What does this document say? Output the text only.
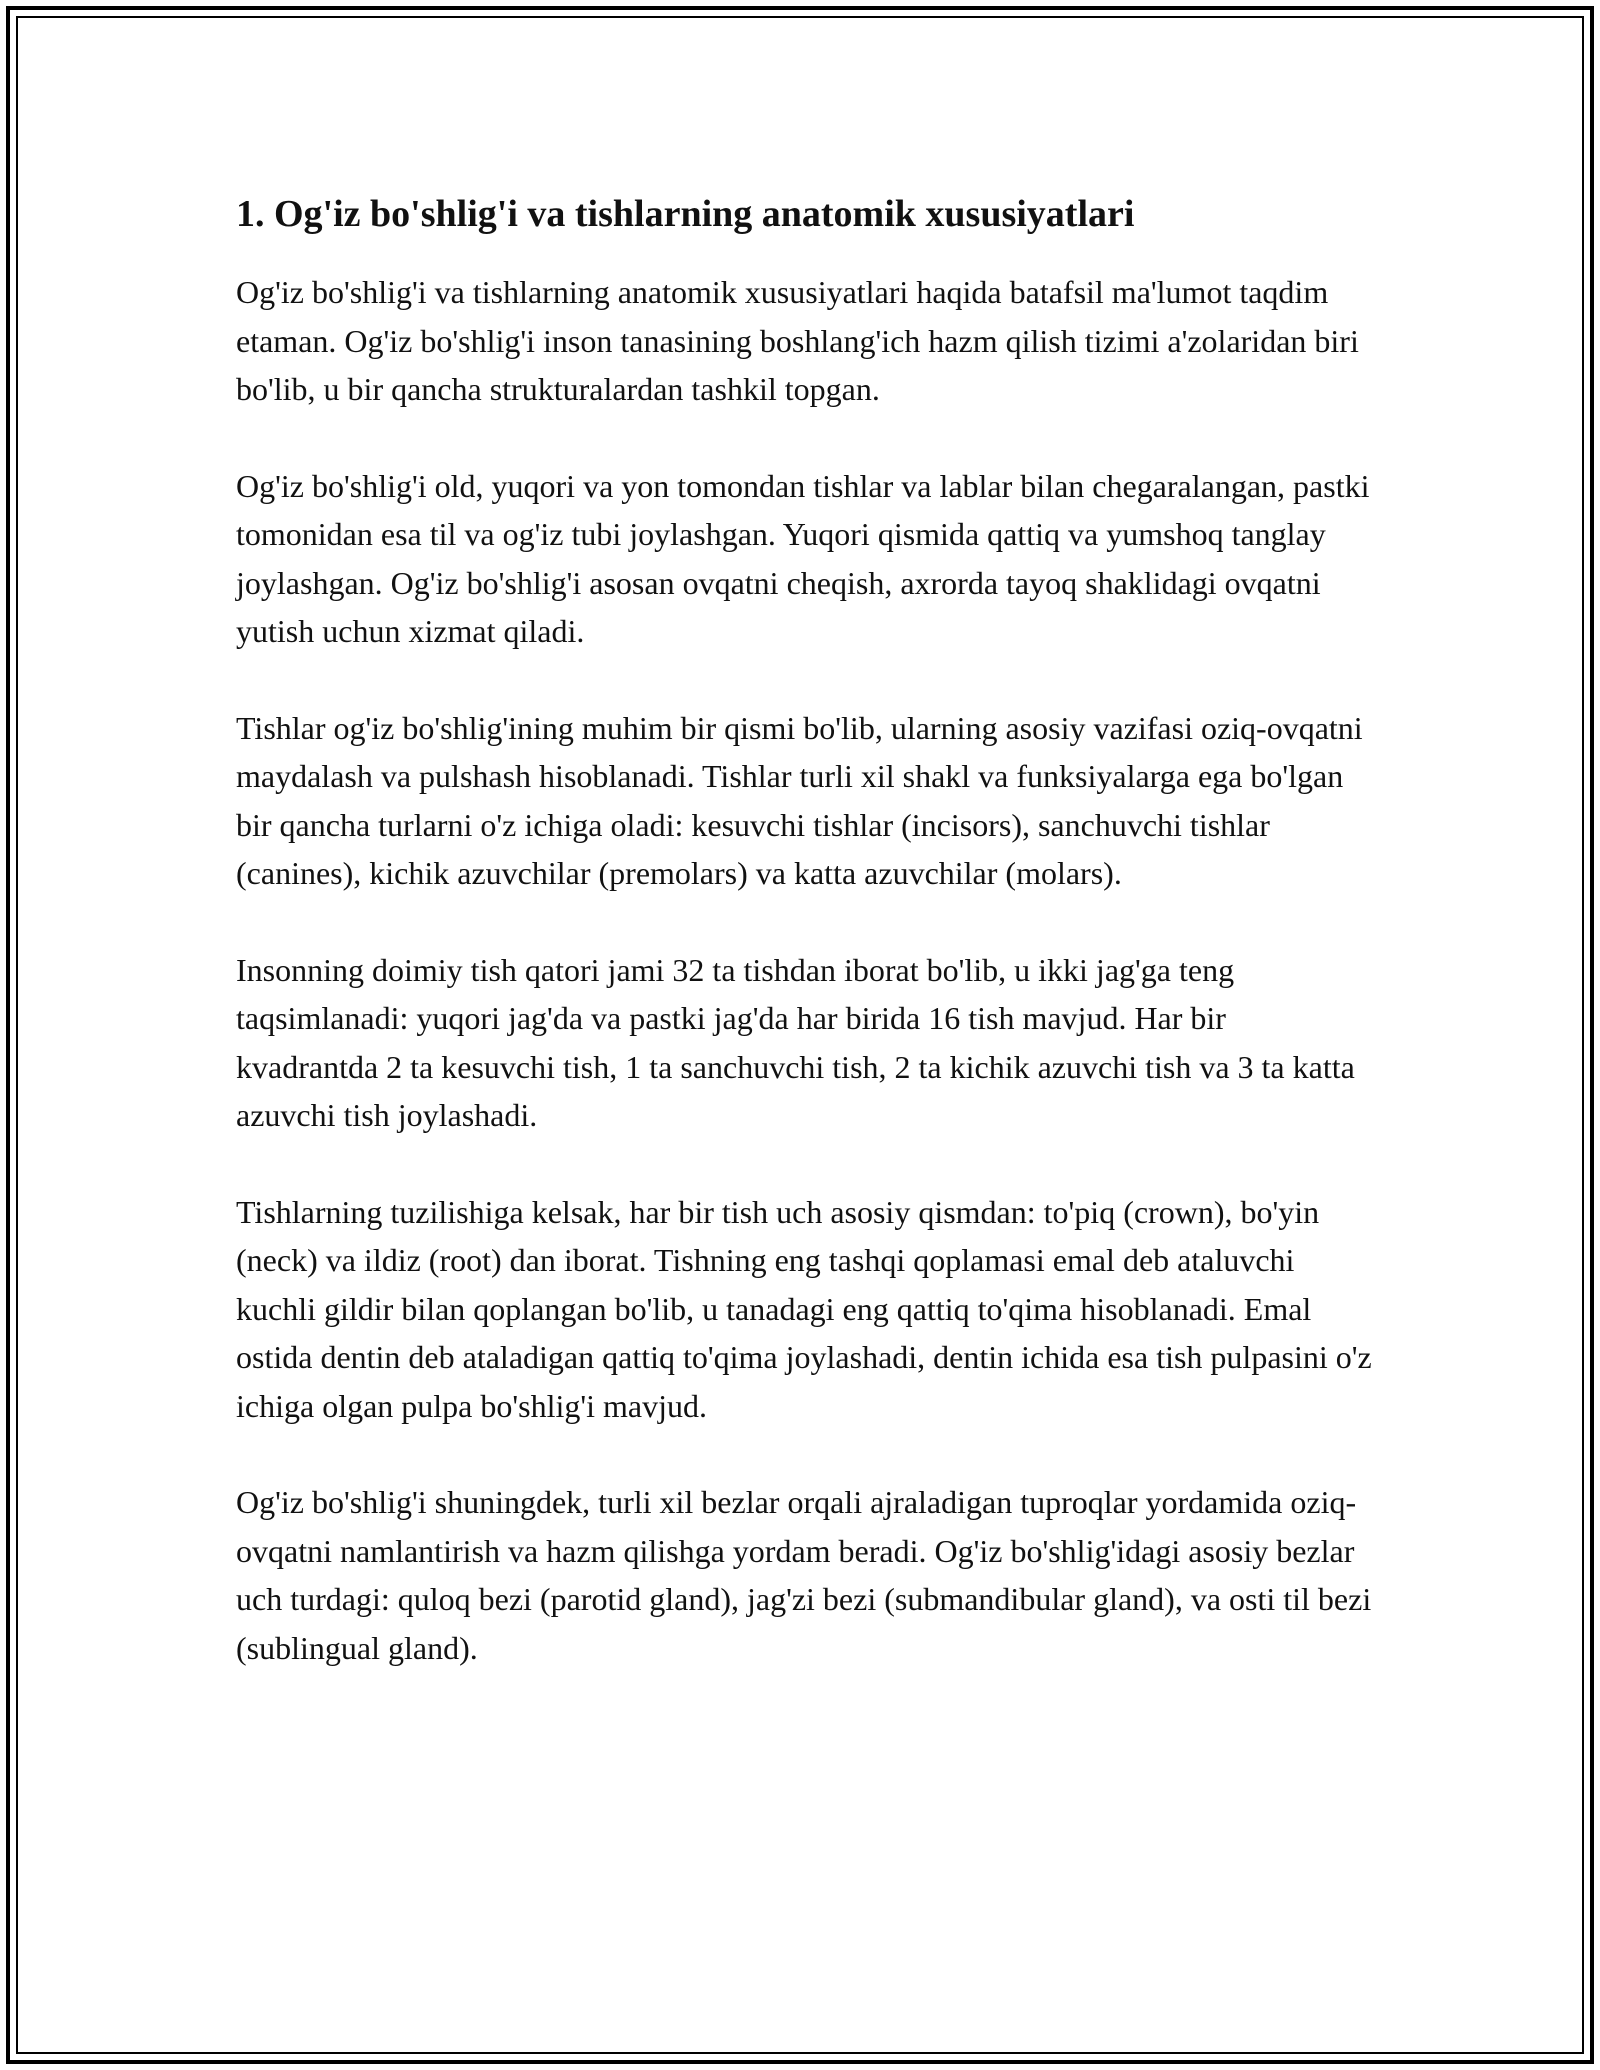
1. Og'iz bo'shlig'i va tishlarning anatomik xususiyatlari

Og'iz bo'shlig'i va tishlarning anatomik xususiyatlari haqida batafsil ma'lumot taqdim etaman. Og'iz bo'shlig'i inson tanasining boshlang'ich hazm qilish tizimi a'zolaridan biri bo'lib, u bir qancha strukturalardan tashkil topgan.

Og'iz bo'shlig'i old, yuqori va yon tomondan tishlar va lablar bilan chegaralangan, pastki tomonidan esa til va og'iz tubi joylashgan. Yuqori qismida qattiq va yumshoq tanglay joylashgan. Og'iz bo'shlig'i asosan ovqatni cheqish, axrorda tayoq shaklidagi ovqatni yutish uchun xizmat qiladi.

Tishlar og'iz bo'shlig'ining muhim bir qismi bo'lib, ularning asosiy vazifasi oziq-ovqatni maydalash va pulshash hisoblanadi. Tishlar turli xil shakl va funksiyalarga ega bo'lgan bir qancha turlarni o'z ichiga oladi: kesuvchi tishlar (incisors), sanchuvchi tishlar (canines), kichik azuvchilar (premolars) va katta azuvchilar (molars).

Insonning doimiy tish qatori jami 32 ta tishdan iborat bo'lib, u ikki jag'ga teng taqsimlanadi: yuqori jag'da va pastki jag'da har birida 16 tish mavjud. Har bir kvadrantda 2 ta kesuvchi tish, 1 ta sanchuvchi tish, 2 ta kichik azuvchi tish va 3 ta katta azuvchi tish joylashadi.

Tishlarning tuzilishiga kelsak, har bir tish uch asosiy qismdan: to'piq (crown), bo'yin (neck) va ildiz (root) dan iborat. Tishning eng tashqi qoplamasi emal deb ataluvchi kuchli gildir bilan qoplangan bo'lib, u tanadagi eng qattiq to'qima hisoblanadi. Emal ostida dentin deb ataladigan qattiq to'qima joylashadi, dentin ichida esa tish pulpasini o'z ichiga olgan pulpa bo'shlig'i mavjud.

Og'iz bo'shlig'i shuningdek, turli xil bezlar orqali ajraladigan tuproqlar yordamida oziq-ovqatni namlantirish va hazm qilishga yordam beradi. Og'iz bo'shlig'idagi asosiy bezlar uch turdagi: quloq bezi (parotid gland), jag'zi bezi (submandibular gland), va osti til bezi (sublingual gland).
